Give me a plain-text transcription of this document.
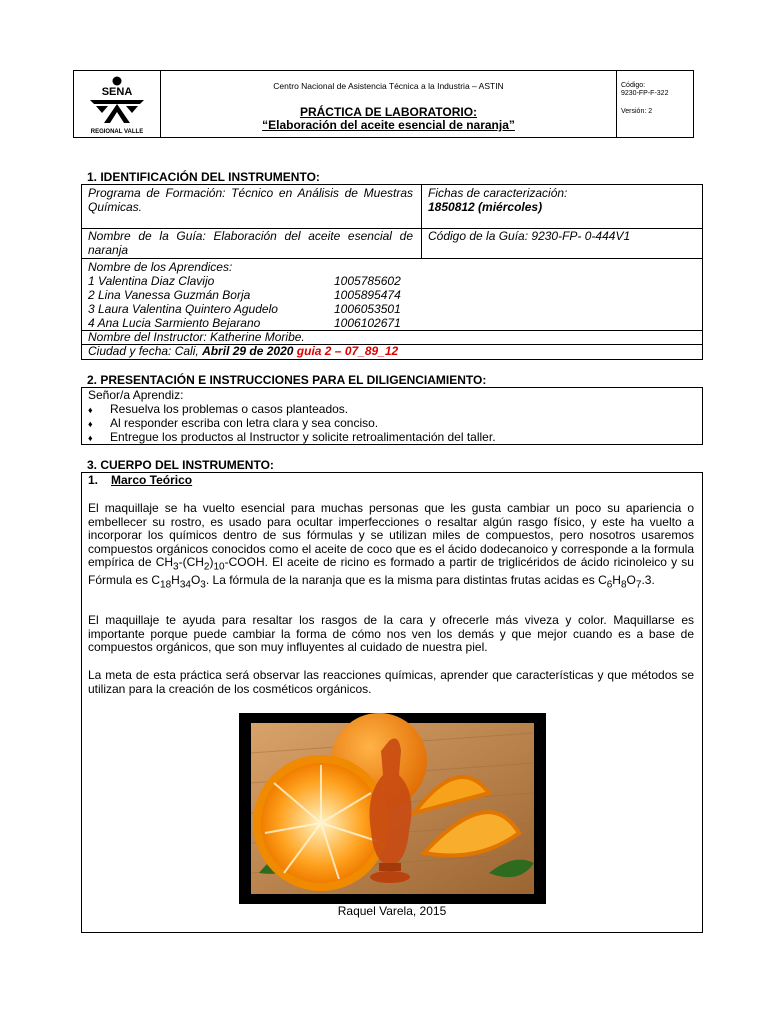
SENA
REGIONAL VALLE
Centro Nacional de Asistencia Técnica a la Industria – ASTIN
PRÁCTICA DE LABORATORIO:
“Elaboración del aceite esencial de naranja”
Código:
9230-FP-F-322
Versión: 2
1. IDENTIFICACIÓN DEL INSTRUMENTO:
Programa de Formación: Técnico en Análisis de Muestras Químicas.
Fichas de caracterización:
1850812 (miércoles)
Nombre de la Guía: Elaboración del aceite esencial de naranja
Código de la Guía: 9230-FP- 0-444V1
Nombre de los Aprendices:
1 Valentina Diaz Clavijo	1005785602
2 Lina Vanessa Guzmán Borja	1005895474
3 Laura Valentina Quintero Agudelo	1006053501
4 Ana Lucia Sarmiento Bejarano	1006102671
Nombre del Instructor: Katherine Moribe.
Ciudad y fecha: Cali, Abril 29 de 2020 guia 2 – 07_89_12
2. PRESENTACIÓN E INSTRUCCIONES PARA EL DILIGENCIAMIENTO:
Señor/a Aprendiz:
♦ Resuelva los problemas o casos planteados.
♦ Al responder escriba con letra clara y sea conciso.
♦ Entregue los productos al Instructor y solicite retroalimentación del taller.
3. CUERPO DEL INSTRUMENTO:
1. Marco Teórico
El maquillaje se ha vuelto esencial para muchas personas que les gusta cambiar un poco su apariencia o embellecer su rostro, es usado para ocultar imperfecciones o resaltar algún rasgo físico, y este ha vuelto a incorporar los químicos dentro de sus fórmulas y se utilizan miles de compuestos, pero nosotros usaremos compuestos orgánicos conocidos como el aceite de coco que es el ácido dodecanoico y corresponde a la formula empírica de $CH_3-(CH_2)_{10}$-COOH. El aceite de ricino es formado a partir de triglicéridos de ácido ricinoleico y su Fórmula es $C_{18}H_{34}O_3$. La fórmula de la naranja que es la misma para distintas frutas acidas es $C_6H_8O_7.3$.
El maquillaje te ayuda para resaltar los rasgos de la cara y ofrecerle más viveza y color. Maquillarse es importante porque puede cambiar la forma de cómo nos ven los demás y que mejor cuando es a base de compuestos orgánicos, que son muy influyentes al cuidado de nuestra piel.
La meta de esta práctica será observar las reacciones químicas, aprender que características y que métodos se utilizan para la creación de los cosméticos orgánicos.
Raquel Varela, 2015
